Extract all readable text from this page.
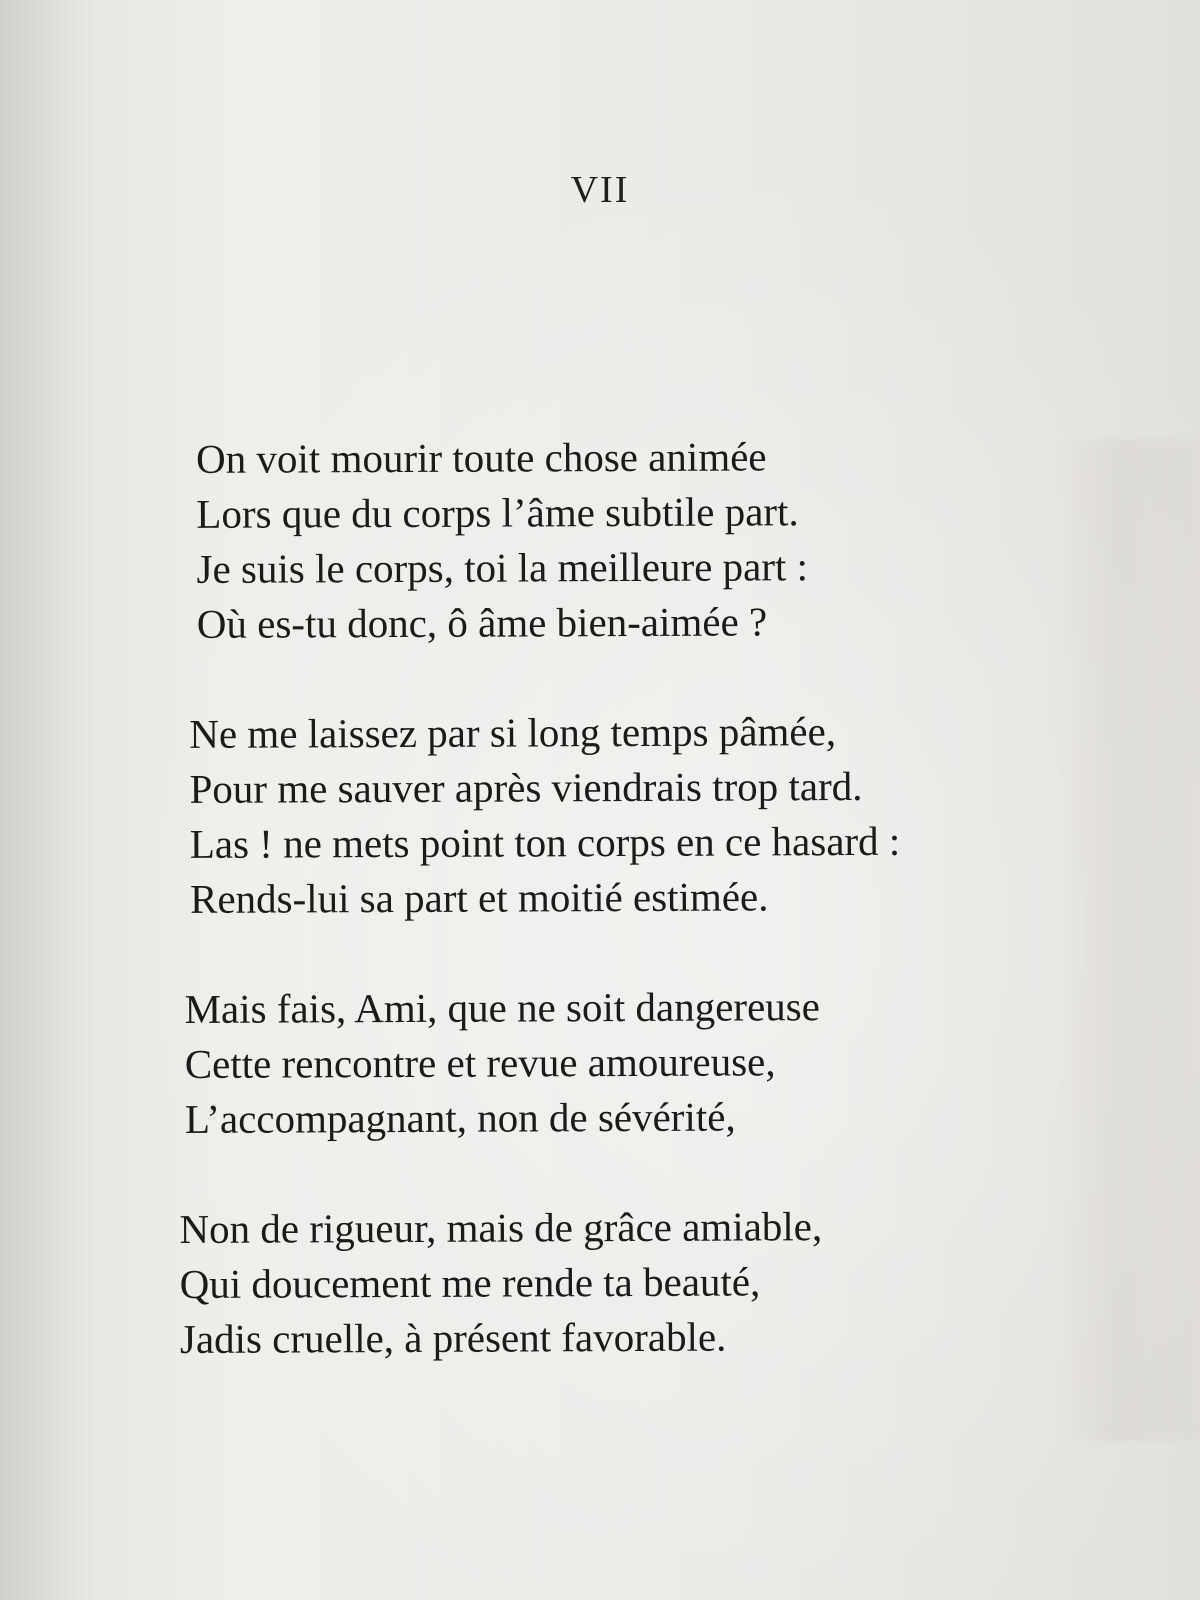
VII
On voit mourir toute chose animée
Lors que du corps l’âme subtile part.
Je suis le corps, toi la meilleure part :
Où es-tu donc, ô âme bien-aimée ?
Ne me laissez par si long temps pâmée,
Pour me sauver après viendrais trop tard.
Las ! ne mets point ton corps en ce hasard :
Rends-lui sa part et moitié estimée.
Mais fais, Ami, que ne soit dangereuse
Cette rencontre et revue amoureuse,
L’accompagnant, non de sévérité,
Non de rigueur, mais de grâce amiable,
Qui doucement me rende ta beauté,
Jadis cruelle, à présent favorable.
